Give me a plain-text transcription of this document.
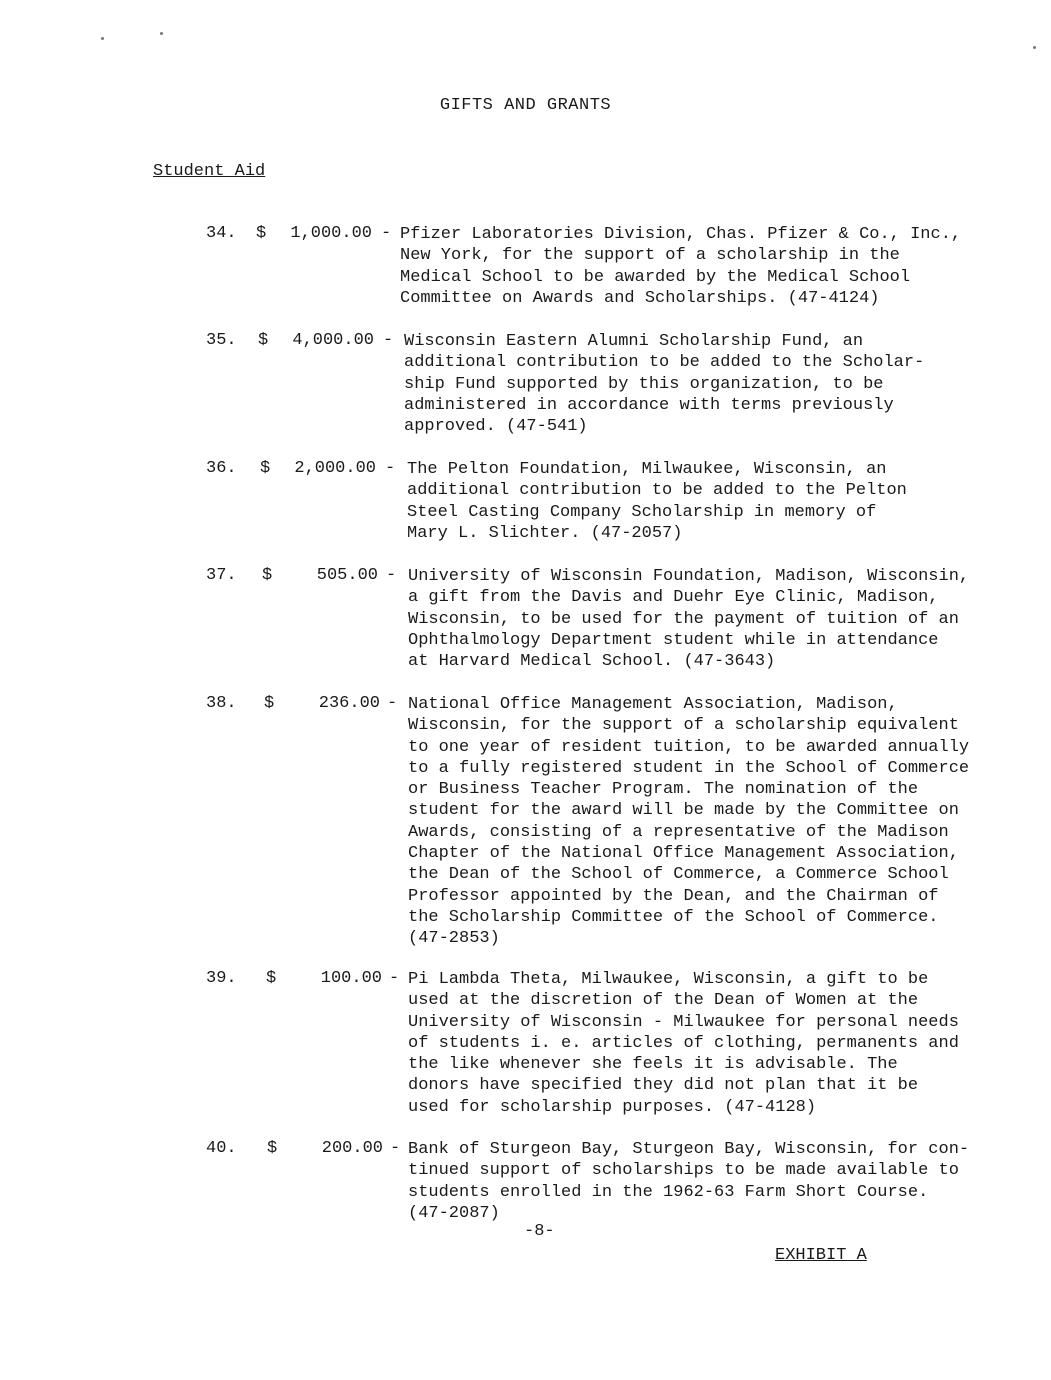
GIFTS AND GRANTS
Student Aid
34. $	1,000.00 - Pfizer Laboratories Division, Chas. Pfizer & Co., Inc.,
New York, for the support of a scholarship in the
Medical School to be awarded by the Medical School
Committee on Awards and Scholarships. (47-4124)
35. $	4,000.00 - Wisconsin Eastern Alumni Scholarship Fund, an
additional contribution to be added to the Scholar-
ship Fund supported by this organization, to be
administered in accordance with terms previously
approved. (47-541)
36. $	2,000.00 - The Pelton Foundation, Milwaukee, Wisconsin, an
additional contribution to be added to the Pelton
Steel Casting Company Scholarship in memory of
Mary L. Slichter. (47-2057)
37. $	505.00 - University of Wisconsin Foundation, Madison, Wisconsin,
a gift from the Davis and Duehr Eye Clinic, Madison,
Wisconsin, to be used for the payment of tuition of an
Ophthalmology Department student while in attendance
at Harvard Medical School. (47-3643)
38. $	236.00 - National Office Management Association, Madison,
Wisconsin, for the support of a scholarship equivalent
to one year of resident tuition, to be awarded annually
to a fully registered student in the School of Commerce
or Business Teacher Program. The nomination of the
student for the award will be made by the Committee on
Awards, consisting of a representative of the Madison
Chapter of the National Office Management Association,
the Dean of the School of Commerce, a Commerce School
Professor appointed by the Dean, and the Chairman of
the Scholarship Committee of the School of Commerce.
(47-2853)
39. $	100.00 - Pi Lambda Theta, Milwaukee, Wisconsin, a gift to be
used at the discretion of the Dean of Women at the
University of Wisconsin - Milwaukee for personal needs
of students i. e. articles of clothing, permanents and
the like whenever she feels it is advisable. The
donors have specified they did not plan that it be
used for scholarship purposes. (47-4128)
40. $	200.00 - Bank of Sturgeon Bay, Sturgeon Bay, Wisconsin, for con-
tinued support of scholarships to be made available to
students enrolled in the 1962-63 Farm Short Course.
(47-2087)
-8-
EXHIBIT A
